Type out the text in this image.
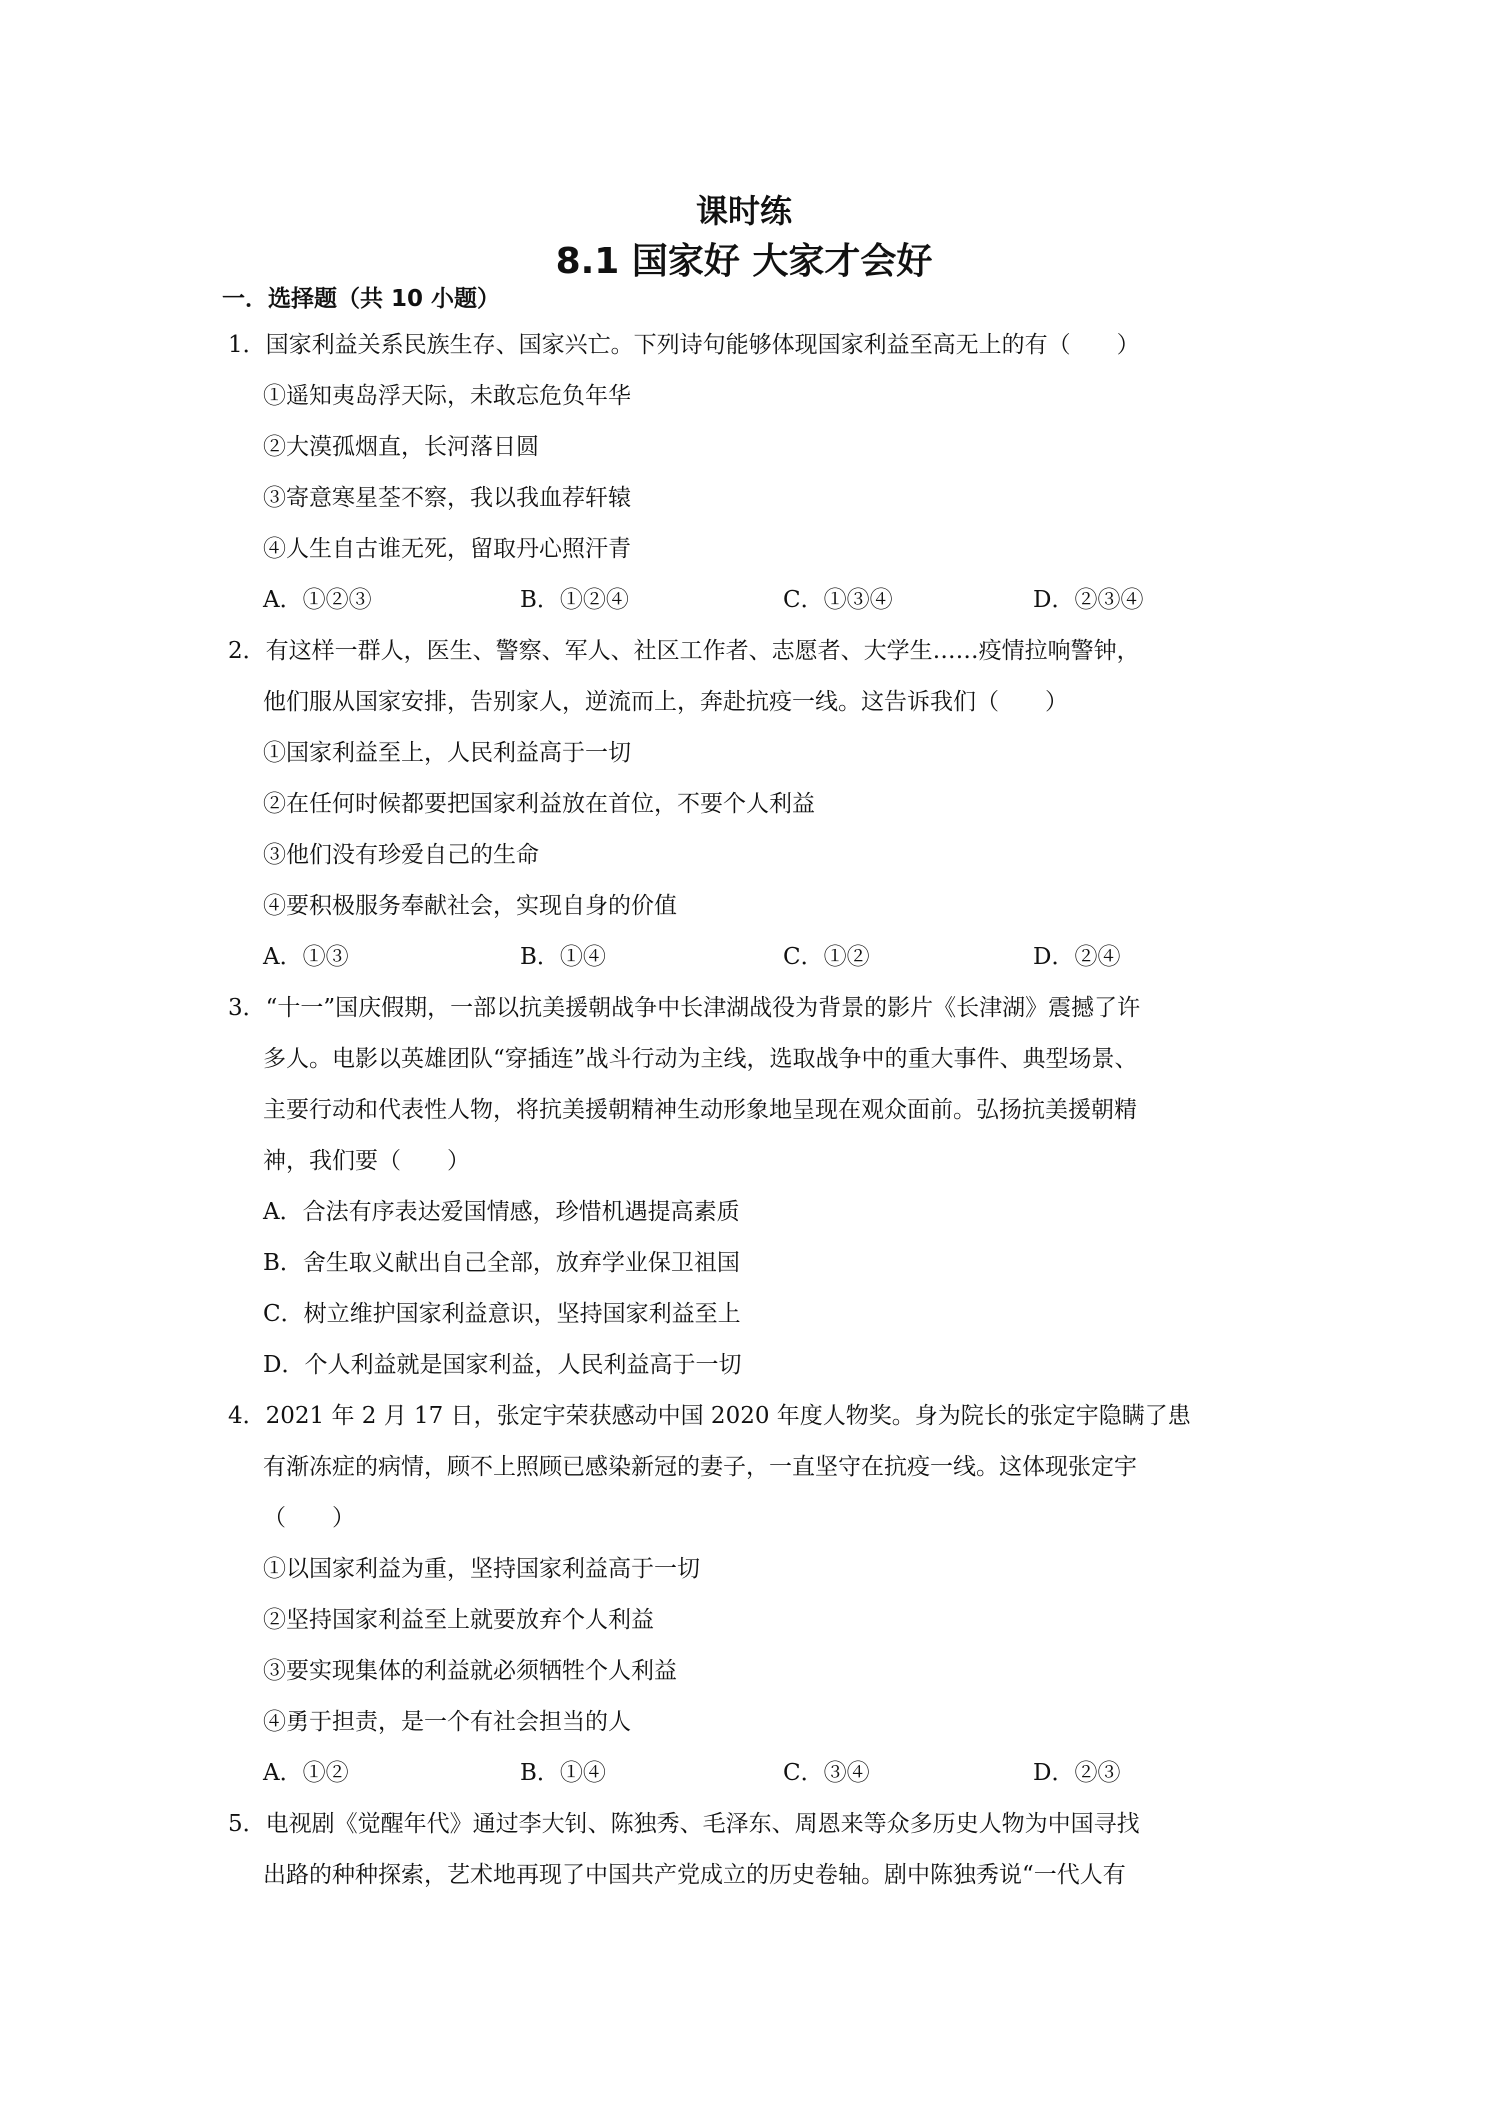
课时练
8.1 国家好 大家才会好
一．选择题（共 10 小题）
1．国家利益关系民族生存、国家兴亡。下列诗句能够体现国家利益至高无上的有（　　）
①遥知夷岛浮天际，未敢忘危负年华
②大漠孤烟直，长河落日圆
③寄意寒星荃不察，我以我血荐轩辕
④人生自古谁无死，留取丹心照汗青
A．①②③	B．①②④	C．①③④	D．②③④
2．有这样一群人，医生、警察、军人、社区工作者、志愿者、大学生……疫情拉响警钟，
他们服从国家安排，告别家人，逆流而上，奔赴抗疫一线。这告诉我们（　　）
①国家利益至上，人民利益高于一切
②在任何时候都要把国家利益放在首位，不要个人利益
③他们没有珍爱自己的生命
④要积极服务奉献社会，实现自身的价值
A．①③	B．①④	C．①②	D．②④
3．“十一”国庆假期，一部以抗美援朝战争中长津湖战役为背景的影片《长津湖》震撼了许
多人。电影以英雄团队“穿插连”战斗行动为主线，选取战争中的重大事件、典型场景、
主要行动和代表性人物，将抗美援朝精神生动形象地呈现在观众面前。弘扬抗美援朝精
神，我们要（　　）
A．合法有序表达爱国情感，珍惜机遇提高素质
B．舍生取义献出自己全部，放弃学业保卫祖国
C．树立维护国家利益意识，坚持国家利益至上
D．个人利益就是国家利益，人民利益高于一切
4．2021 年 2 月 17 日，张定宇荣获感动中国 2020 年度人物奖。身为院长的张定宇隐瞒了患
有渐冻症的病情，顾不上照顾已感染新冠的妻子，一直坚守在抗疫一线。这体现张定宇
（　　）
①以国家利益为重，坚持国家利益高于一切
②坚持国家利益至上就要放弃个人利益
③要实现集体的利益就必须牺牲个人利益
④勇于担责，是一个有社会担当的人
A．①②	B．①④	C．③④	D．②③
5．电视剧《觉醒年代》通过李大钊、陈独秀、毛泽东、周恩来等众多历史人物为中国寻找
出路的种种探索，艺术地再现了中国共产党成立的历史卷轴。剧中陈独秀说“一代人有
